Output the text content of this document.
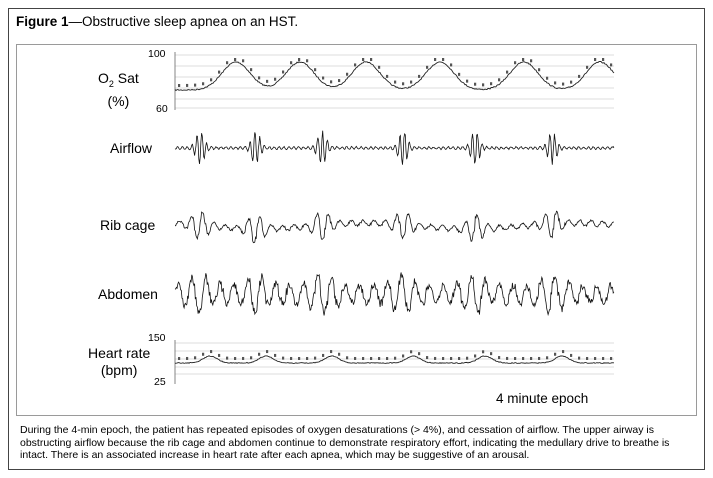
Figure 1—Obstructive sleep apnea on an HST.
$O_2$ Sat
(%)
100
60
Airflow
Rib cage
Abdomen
Heart rate
(bpm)
150
25
4 minute epoch
During the 4-min epoch, the patient has repeated episodes of oxygen desaturations (> 4%), and cessation of airflow. The upper airway is obstructing airflow because the rib cage and abdomen continue to demonstrate respiratory effort, indicating the medullary drive to breathe is intact. There is an associated increase in heart rate after each apnea, which may be suggestive of an arousal.
